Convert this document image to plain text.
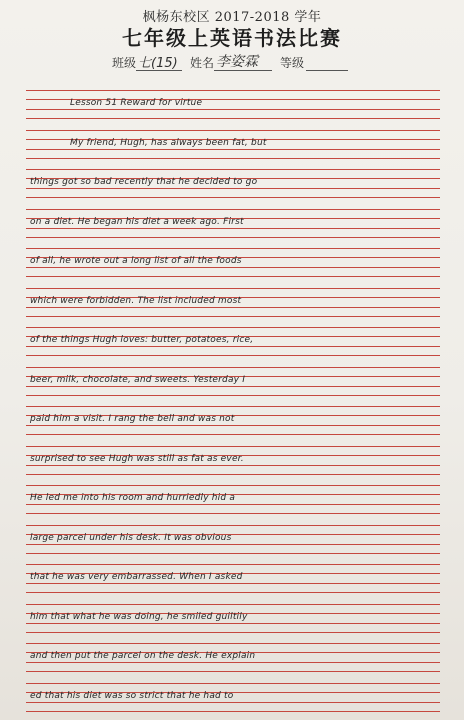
枫杨东校区 2017-2018 学年
七年级上英语书法比赛
班级 七(15) 姓名 李姿霖 等级
Lesson 51 Reward for virtue
My friend, Hugh, has always been fat, but
things got so bad recently that he decided to go
on a diet. He began his diet a week ago. First
of all, he wrote out a long list of all the foods
which were forbidden. The list included most
of the things Hugh loves: butter, potatoes, rice,
beer, milk, chocolate, and sweets. Yesterday I
paid him a visit. I rang the bell and was not
surprised to see Hugh was still as fat as ever.
He led me into his room and hurriedly hid a
large parcel under his desk. It was obvious
that he was very embarrassed. When I asked
him that what he was doing, he smiled guiltily
and then put the parcel on the desk. He explain
ed that his diet was so strict that he had to
